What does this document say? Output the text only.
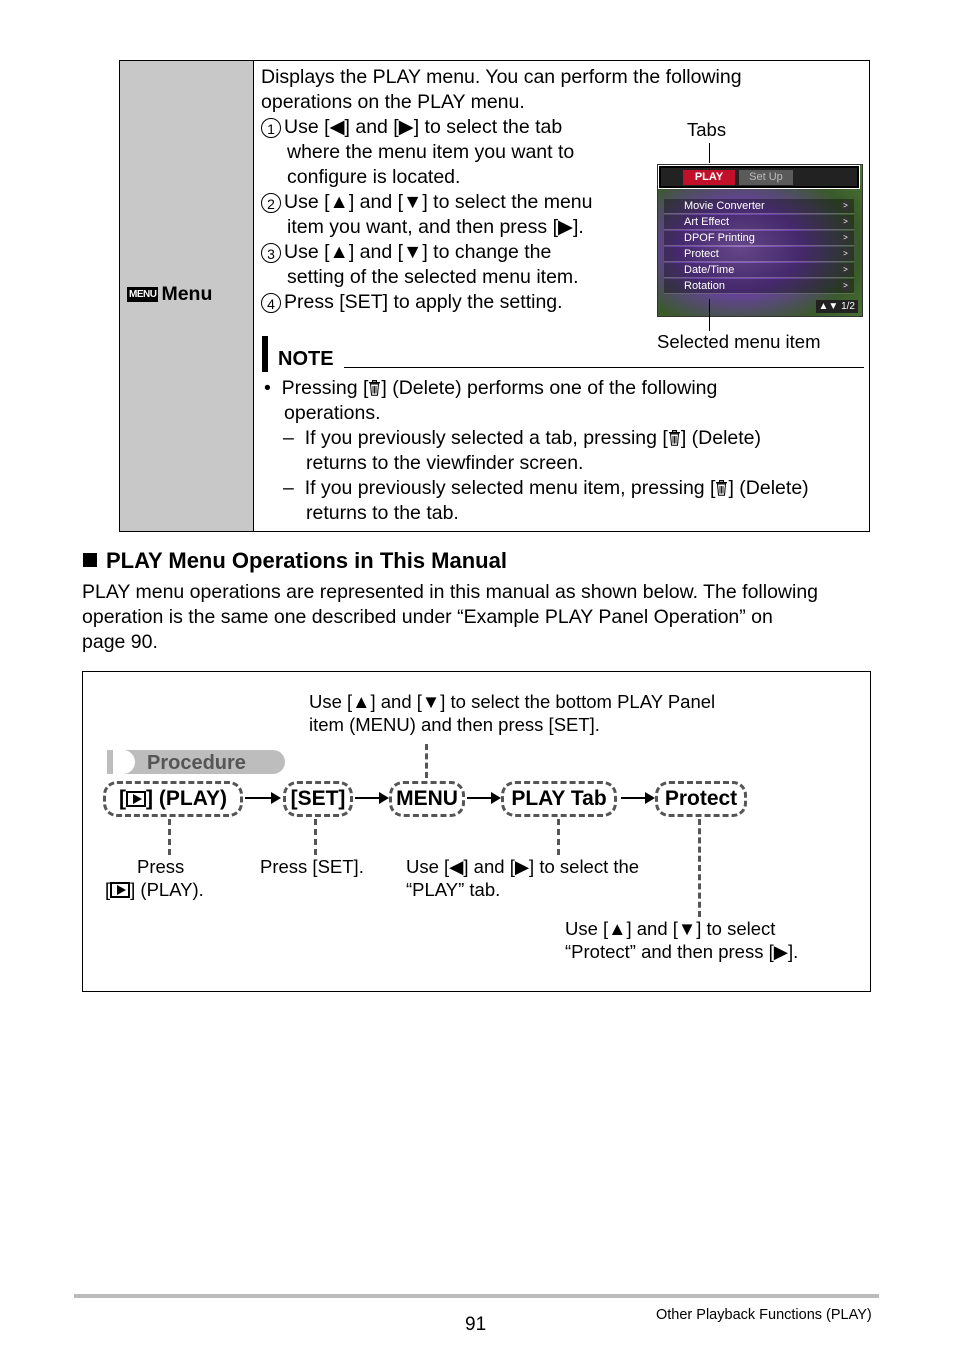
MENU Menu
Displays the PLAY menu. You can perform the following
operations on the PLAY menu.
1 Use [◀] and [▶] to select the tab
where the menu item you want to
configure is located.
2 Use [▲] and [▼] to select the menu
item you want, and then press [▶].
3 Use [▲] and [▼] to change the
setting of the selected menu item.
4 Press [SET] to apply the setting.
Tabs
PLAY	Set Up
Movie Converter	>
Art Effect	>
DPOF Printing	>
Protect	>
Date/Time	>
Rotation	>
▲▼ 1/2
Selected menu item
NOTE
•  Pressing [ ] (Delete) performs one of the following
operations.
–  If you previously selected a tab, pressing [ ] (Delete)
returns to the viewfinder screen.
–  If you previously selected menu item, pressing [ ] (Delete)
returns to the tab.
PLAY Menu Operations in This Manual
PLAY menu operations are represented in this manual as shown below. The following
operation is the same one described under “Example PLAY Panel Operation” on
page 90.
Use [▲] and [▼] to select the bottom PLAY Panel
item (MENU) and then press [SET].
Procedure
[ ] (PLAY)	[SET]	MENU	PLAY Tab	Protect
Press
[ ] (PLAY).
Press [SET]. Use [◀] and [▶] to select the
“PLAY” tab.
Use [▲] and [▼] to select
“Protect” and then press [▶].
91	Other Playback Functions (PLAY)
